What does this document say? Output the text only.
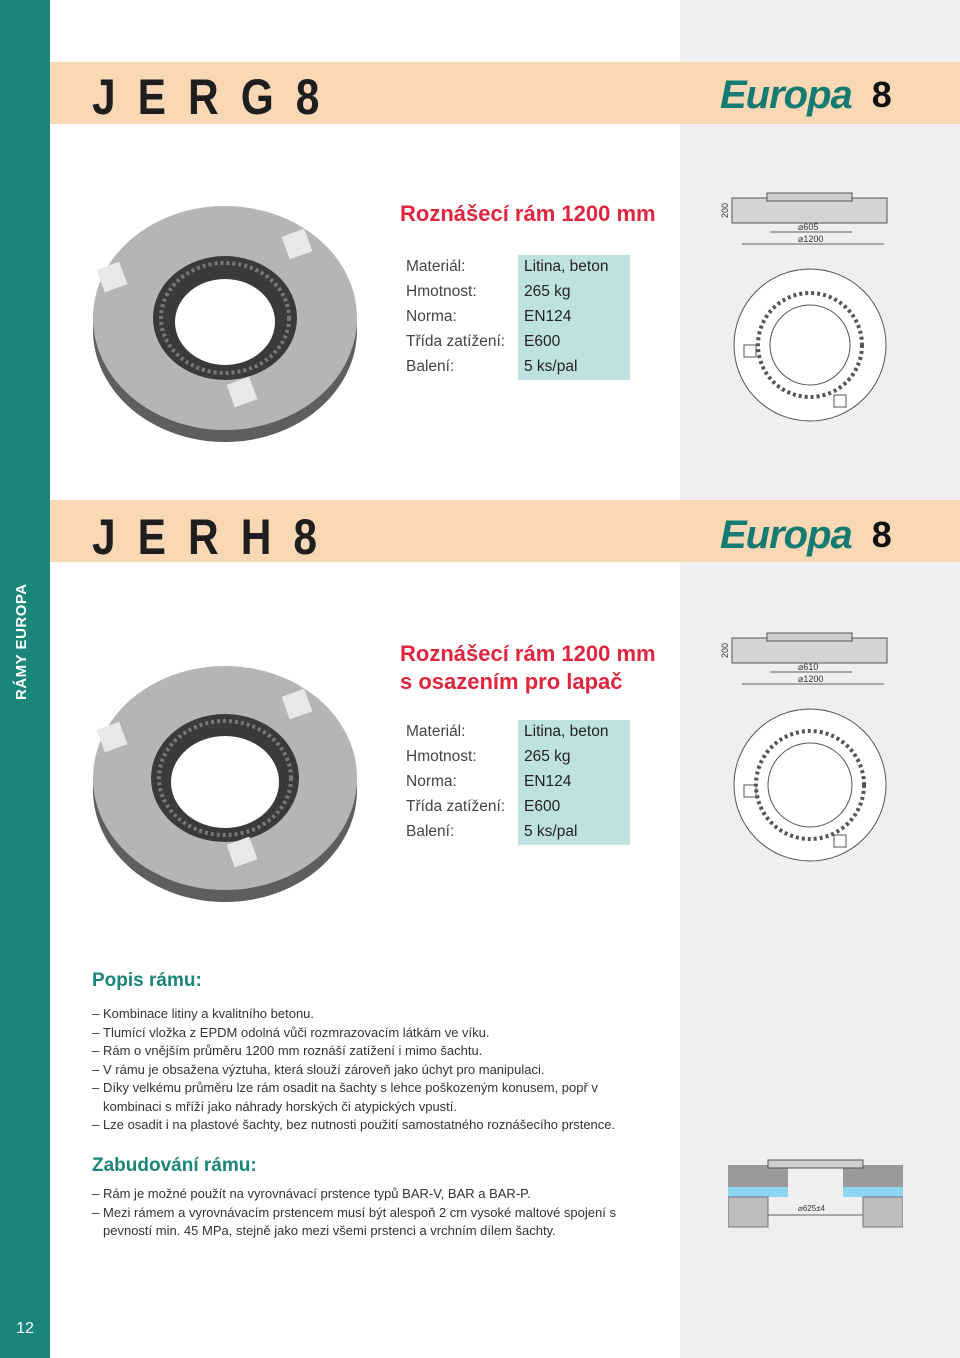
RÁMY EUROPA
12
J E R G 8	Europa 8
Roznášecí rám 1200 mm
Materiál:	Litina, beton
Hmotnost:	265 kg
Norma:	EN124
Třída zatížení:	E600
Balení:	5 ks/pal
200
⌀605
⌀1200
J E R H 8	Europa 8
Roznášecí rám 1200 mm
s osazením pro lapač
Materiál:	Litina, beton
Hmotnost:	265 kg
Norma:	EN124
Třída zatížení:	E600
Balení:	5 ks/pal
200
⌀610
⌀1200
Popis rámu:
– Kombinace litiny a kvalitního betonu.
– Tlumící vložka z EPDM odolná vůči rozmrazovacím látkám ve víku.
– Rám o vnějším průměru 1200 mm roznáší zatížení i mimo šachtu.
– V rámu je obsažena výztuha, která slouží zároveň jako úchyt pro manipulaci.
– Díky velkému průměru lze rám osadit na šachty s lehce poškozeným konusem, popř v kombinaci s mříží jako náhrady horských či atypických vpustí.
– Lze osadit i na plastové šachty, bez nutnosti použití samostatného roznášecího prstence.
Zabudování rámu:
– Rám je možné použít na vyrovnávací prstence typů BAR-V, BAR a BAR-P.
– Mezi rámem a vyrovnávacím prstencem musí být alespoň 2 cm vysoké maltové spojení s pevností min. 45 MPa, stejně jako mezi všemi prstenci a vrchním dílem šachty.
⌀625±4
